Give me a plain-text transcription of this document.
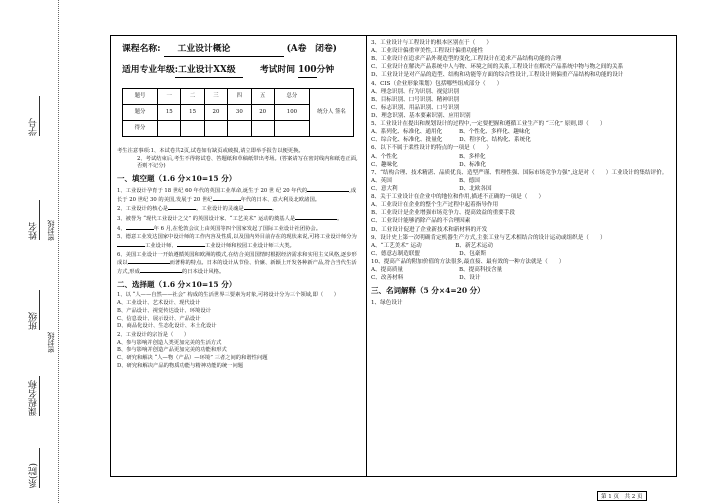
学号
姓名
班级
课程名称
系(院)
密封线
密封线
课程名称: 工业设计概论	(A卷　闭卷)
适用专业年级:工业设计XX级	考试时间 100分钟
题号	一	二	三	四	五	总分	统分人 签名
题分	15	15	20	30	20	100	
得分							

考生注意事项:1、本试卷共2页,试卷如有缺页或破损,请立即举手报告以便更换。

2、考试结束后,考生不得将试卷、答题纸和草稿纸带出考场。(答案请写在密封线内和纸卷正面,否则不记分)

一、填空题（1.6 分×10=15 分）

1、工业设计孕育于 18 世纪 60 年代的英国工业革命,诞生于 20 世 纪 20 年代的	,成长于 20 世纪 30 的美国,发展于 20 世纪	年代的日本、意大利及北欧諸国。

2、工业设计的核心是	。工业设计的灵魂是	。

3、被誉为 “现代工业设计之父” 的英国设计家、“工艺美术” 运动的奠基人是	。

4、	年 6 月,在伦敦会议上由英国等四个国家发起了国际工业设计社团协会。

5、德意工业发达国家中设计师的工作内容及性质,以及国内外目前存在的现状来说,可将工业设计师分为工业设计师、	工业设计师和校园工业设计师三大类。

6、美国工业设计一开始遵循英国和欧洲的模式,在结合美国国情时根据经济需求和实用主义风格,逐步形成以	而著称的特点。日本的设计从节俭、价廉、新颖上开发各种新产品,符合当代生活方式,形成	的日本设计风格。

二、选择题（1.6 分×10=15 分）

1、以 “人——自然——社会” 构成的生活世界三要素为对象,可将设计分为三个领域,即（　　）

A、工业设计、艺术设计、现代设计

B、产品设计、视觉传达设计、环境设计

C、信息设计、展示设计、产品设计

D、商品化设计、生态化设计、本土化设计

2、工业设计的宗旨是（　　）

A、参与影响并创造人类更加完美的生活方式

B、参与影响并创造产品更加完美的功能和形式

C、研究和解决 “人—物（产品）—环境” 三者之间的和谐性问题

D、研究和解决产品的物质功能与精神功能的统一问题

3、工业设计与工程设计的根本区别在于（　　）

A、工业设计偏重审美性,工程设计偏重功能性

B、工业设计在追求产品外观造型的变化,工程设计在追求产品结构功能的合理

C、工业设计在解决产品系统中人与物、环境之间的关系,工程设计在解决产品系统中物与物之间的关系

D、工业设计是对产品的造型、结构和功能等方面的综合性设计,工程设计则偏重产品结构和功能的设计

4、CIS（企业形象策划）包括哪些组成部分（　　）

A、理念识别、行为识别、视觉识别

B、目标识别、口号识别、精神识别

C、标志识别、用品识别、口号识别

D、理念识别、基本要素识别、应用识别

5、工业设计在提出和规划设计的过程中,一定要把握和遵循工业生产的 “三化” 原则,即（　　）

A、系列化、标准化、通用化　　　B、个性化、多样化、趣味化

C、综合化、标准化、批量化　　　D、程序化、结构化、系统化

6、以下不属于柔性设计的特点的一项是（　　）

A、个性化　　　　　　　　　　　B、多样化

C、趣味化　　　　　　　　　　　D、标准化

7、“结构合理、技术精湛、品质优良、造型严谨、哲理性强、国际市场竞争力强”,这是对（　　）工业设计的集结评价。

A、英国　　　　　　　　　　　　B、德国

C、意大利　　　　　　　　　　　D、北欧各国

8、关于工业设计在企业中的地位和作用,描述不正确的一项是（　　）

A、工业设计在企业的整个生产过程中起着指导作用

B、工业设计是企业增强市场竞争力、提高效益的重要手段

C、工业设计能够消除产品的不合理因素

D、工业设计促进了企业新技术和新材料的开发

9、设计史上第一次明确肯定机器生产方式,主张工业与艺术相结合的设计运动或组织是（　　）

A、“工艺美术” 运动　　　　　　B、新艺术运动

C、德意志制造联盟　　　　　　　D、包豪斯

10、提高产品的附加价值的方法很多,最直接、最有效的一种方法就是（　　）

A、提高质量　　　　　　　　　　B、提高科技含量

C、改善材料　　　　　　　　　　D、设计

三、名词解释（5 分×4=20 分）

1、绿色设计

第 1 页　共 2 页
